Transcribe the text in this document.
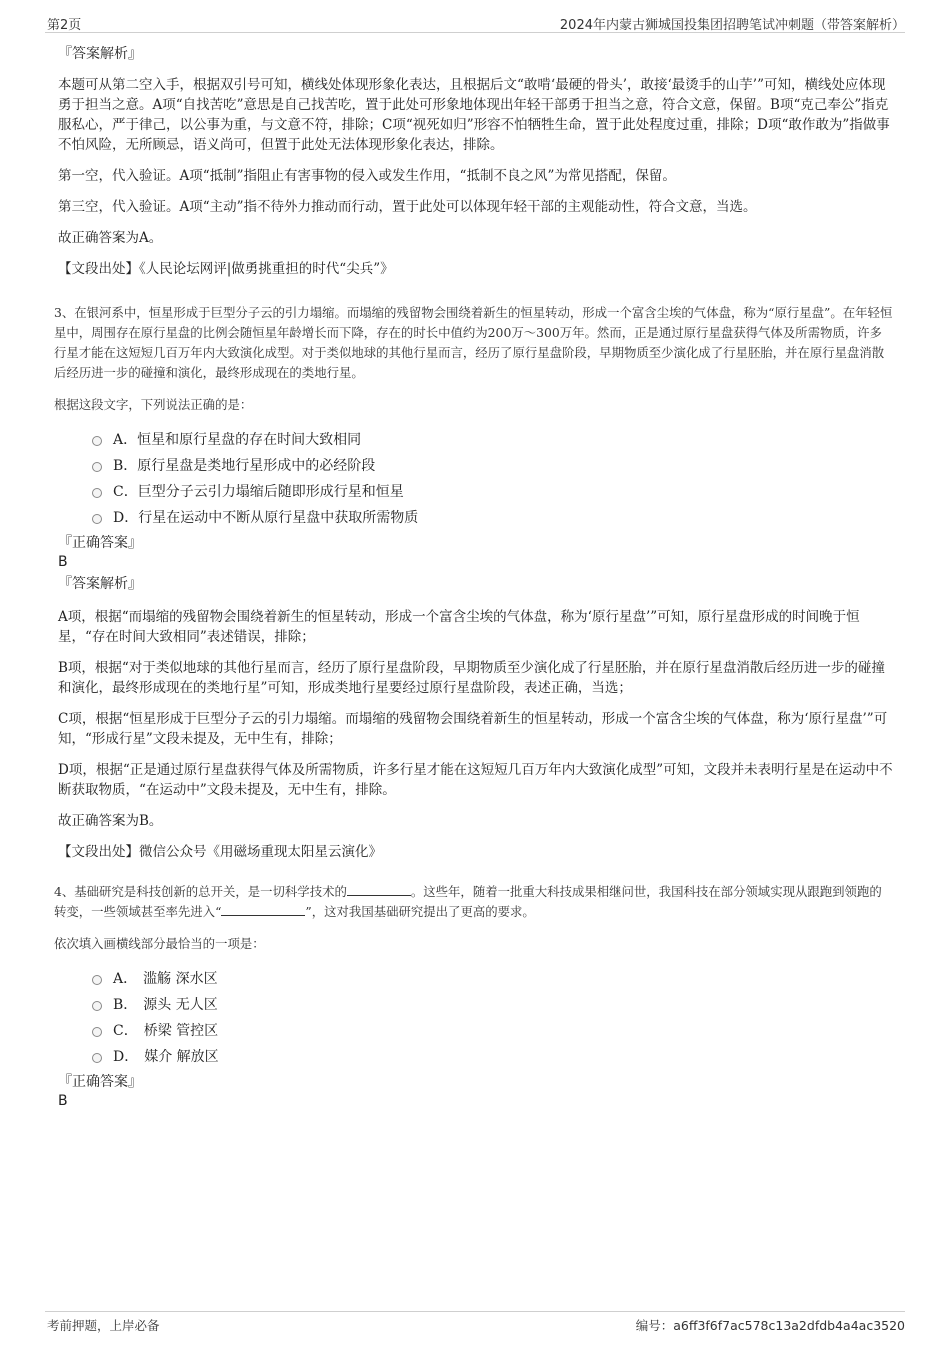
第2页	2024年内蒙古狮城国投集团招聘笔试冲刺题（带答案解析）

『答案解析』

本题可从第二空入手，根据双引号可知，横线处体现形象化表达，且根据后文“敢啃‘最硬的骨头’，敢接‘最烫手的山芋’”可知，横线处应体现勇于担当之意。A项“自找苦吃”意思是自己找苦吃，置于此处可形象地体现出年轻干部勇于担当之意，符合文意，保留。B项“克己奉公”指克服私心，严于律己，以公事为重，与文意不符，排除；C项“视死如归”形容不怕牺牲生命，置于此处程度过重，排除；D项“敢作敢为”指做事不怕风险，无所顾忌，语义尚可，但置于此处无法体现形象化表达，排除。

第一空，代入验证。A项“抵制”指阻止有害事物的侵入或发生作用，“抵制不良之风”为常见搭配，保留。

第三空，代入验证。A项“主动”指不待外力推动而行动，置于此处可以体现年轻干部的主观能动性，符合文意，当选。

故正确答案为A。

【文段出处】《人民论坛网评|做勇挑重担的时代“尖兵”》

3、在银河系中，恒星形成于巨型分子云的引力塌缩。而塌缩的残留物会围绕着新生的恒星转动，形成一个富含尘埃的气体盘，称为“原行星盘”。在年轻恒星中，周围存在原行星盘的比例会随恒星年龄增长而下降，存在的时长中值约为200万～300万年。然而，正是通过原行星盘获得气体及所需物质，许多行星才能在这短短几百万年内大致演化成型。对于类似地球的其他行星而言，经历了原行星盘阶段，早期物质至少演化成了行星胚胎，并在原行星盘消散后经历进一步的碰撞和演化，最终形成现在的类地行星。

根据这段文字，下列说法正确的是：

A．恒星和原行星盘的存在时间大致相同
B．原行星盘是类地行星形成中的必经阶段
C．巨型分子云引力塌缩后随即形成行星和恒星
D．行星在运动中不断从原行星盘中获取所需物质

『正确答案』

B

『答案解析』

A项，根据“而塌缩的残留物会围绕着新生的恒星转动，形成一个富含尘埃的气体盘，称为‘原行星盘’”可知，原行星盘形成的时间晚于恒星，“存在时间大致相同”表述错误，排除；

B项，根据“对于类似地球的其他行星而言，经历了原行星盘阶段，早期物质至少演化成了行星胚胎，并在原行星盘消散后经历进一步的碰撞和演化，最终形成现在的类地行星”可知，形成类地行星要经过原行星盘阶段，表述正确，当选；

C项，根据“恒星形成于巨型分子云的引力塌缩。而塌缩的残留物会围绕着新生的恒星转动，形成一个富含尘埃的气体盘，称为‘原行星盘’”可知，“形成行星”文段未提及，无中生有，排除；

D项，根据“正是通过原行星盘获得气体及所需物质，许多行星才能在这短短几百万年内大致演化成型”可知，文段并未表明行星是在运动中不断获取物质，“在运动中”文段未提及，无中生有，排除。

故正确答案为B。

【文段出处】微信公众号《用磁场重现太阳星云演化》

4、基础研究是科技创新的总开关，是一切科学技术的	。这些年，随着一批重大科技成果相继问世，我国科技在部分领域实现从跟跑到领跑的转变，一些领域甚至率先进入“	”，这对我国基础研究提出了更高的要求。

依次填入画横线部分最恰当的一项是：

A． 滥觞 深水区
B． 源头 无人区
C． 桥梁 管控区
D． 媒介 解放区

『正确答案』

B

考前押题，上岸必备	编号：a6ff3f6f7ac578c13a2dfdb4a4ac3520
